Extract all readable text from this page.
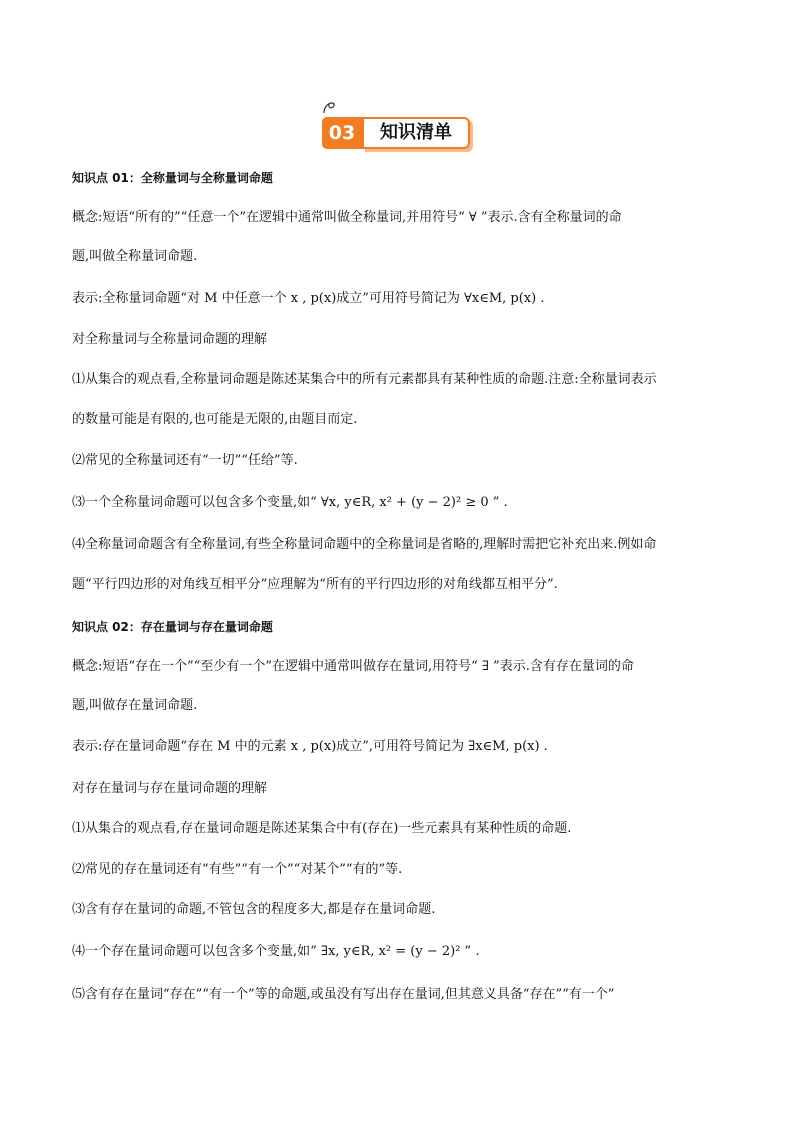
03	知识清单
知识点 01：全称量词与全称量词命题
概念:短语“所有的”“任意一个”在逻辑中通常叫做全称量词,并用符号“ ∀ ”表示.含有全称量词的命
题,叫做全称量词命题.
表示:全称量词命题“对 M 中任意一个 x , p(x)成立”可用符号简记为 ∀x∈M, p(x) .
对全称量词与全称量词命题的理解
⑴从集合的观点看,全称量词命题是陈述某集合中的所有元素都具有某种性质的命题.注意:全称量词表示
的数量可能是有限的,也可能是无限的,由题目而定.
⑵常见的全称量词还有“一切”“任给”等.
⑶一个全称量词命题可以包含多个变量,如“ ∀x, y∈R, x² + (y − 2)² ≥ 0 ” .
⑷全称量词命题含有全称量词,有些全称量词命题中的全称量词是省略的,理解时需把它补充出来.例如命
题“平行四边形的对角线互相平分”应理解为“所有的平行四边形的对角线都互相平分”.
知识点 02：存在量词与存在量词命题
概念:短语“存在一个”“至少有一个”在逻辑中通常叫做存在量词,用符号“ ∃ ”表示.含有存在量词的命
题,叫做存在量词命题.
表示:存在量词命题“存在 M 中的元素 x , p(x)成立”,可用符号简记为 ∃x∈M, p(x) .
对存在量词与存在量词命题的理解
⑴从集合的观点看,存在量词命题是陈述某集合中有(存在)一些元素具有某种性质的命题.
⑵常见的存在量词还有“有些”“有一个”“对某个”“有的”等.
⑶含有存在量词的命题,不管包含的程度多大,都是存在量词命题.
⑷一个存在量词命题可以包含多个变量,如“ ∃x, y∈R, x² = (y − 2)² ” .
⑸含有存在量词“存在”“有一个”等的命题,或虽没有写出存在量词,但其意义具备“存在”“有一个”
